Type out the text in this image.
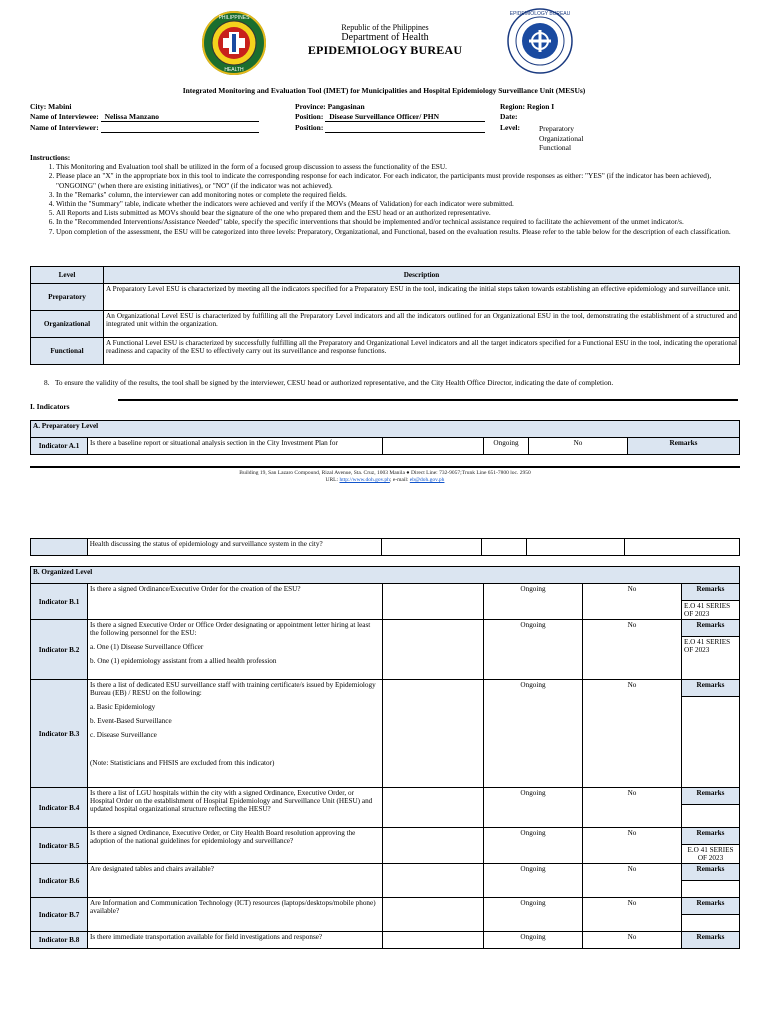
PHILIPPINES
HEALTH
Republic of the Philippines
Department of Health
EPIDEMIOLOGY BUREAU
EPIDEMIOLOGY BUREAU
Integrated Monitoring and Evaluation Tool (IMET) for Municipalities and Hospital Epidemiology Surveillance Unit (MESUs)
City: Mabini	Province: Pangasinan	Region: Region I
Name of Interviewee: Nelissa Manzano	Position: Disease Surveillance Officer/ PHN	Date:
Name of Interviewer:	Position:	Level:	Preparatory
Organizational
Functional
Instructions:
1. This Monitoring and Evaluation tool shall be utilized in the form of a focused group discussion to assess the functionality of the ESU.
2. Please place an "X" in the appropriate box in this tool to indicate the corresponding response for each indicator. For each indicator, the participants must provide responses as either: "YES" (if the indicator has been achieved), "ONGOING" (when there are existing initiatives), or "NO" (if the indicator was not achieved).
3. In the "Remarks" column, the interviewer can add monitoring notes or complete the required fields.
4. Within the "Summary" table, indicate whether the indicators were achieved and verify if the MOVs (Means of Validation) for each indicator were submitted.
5. All Reports and Lists submitted as MOVs should bear the signature of the one who prepared them and the ESU head or an authorized representative.
6. In the "Recommended Interventions/Assistance Needed" table, specify the specific interventions that should be implemented and/or technical assistance required to facilitate the achievement of the unmet indicator/s.
7. Upon completion of the assessment, the ESU will be categorized into three levels: Preparatory, Organizational, and Functional, based on the evaluation results. Please refer to the table below for the description of each classification.
Level	Description
Preparatory	A Preparatory Level ESU is characterized by meeting all the indicators specified for a Preparatory ESU in the tool, indicating the initial steps taken towards establishing an effective epidemiology and surveillance unit.
Organizational	An Organizational Level ESU is characterized by fulfilling all the Preparatory Level indicators and all the indicators outlined for an Organizational ESU in the tool, demonstrating the establishment of a structured and integrated unit within the organization.
Functional	A Functional Level ESU is characterized by successfully fulfilling all the Preparatory and Organizational Level indicators and all the target indicators specified for a Functional ESU in the tool, indicating the operational readiness and capacity of the ESU to effectively carry out its surveillance and response functions.
8.   To ensure the validity of the results, the tool shall be signed by the interviewer, CESU head or authorized representative, and the City Health Office Director, indicating the date of completion.
I. Indicators
A. Preparatory Level
Indicator A.1	Is there a baseline report or situational analysis section in the City Investment Plan for		Ongoing	No	Remarks
Building 19, San Lazaro Compound, Rizal Avenue, Sta. Cruz, 1003 Manila ● Direct Line: 732-9057;Trunk Line 651-7800 loc. 2950
URL: http://www.doh.gov.ph; e-mail: eb@doh.gov.ph
	Health discussing the status of epidemiology and surveillance system in the city?				
B. Organized Level					
Indicator B.1	Is there a signed Ordinance/Executive Order for the creation of the ESU?		Ongoing	No	Remarks
					E.O 41 SERIES OF 2023
Indicator B.2	Is there a signed Executive Order or Office Order designating or appointment letter hiring at least the following personnel for the ESU:

a. One (1) Disease Surveillance Officer

b. One (1) epidemiology assistant from a allied health profession		Ongoing	No	Remarks
					E.O 41 SERIES OF 2023
Indicator B.3	Is there a list of dedicated ESU surveillance staff with training certificate/s issued by Epidemiology Bureau (EB) / RESU on the following:

a. Basic Epidemiology

b. Event-Based Surveillance

c. Disease Surveillance

(Note: Statisticians and FHSIS are excluded from this indicator)		Ongoing	No	Remarks

Indicator B.4	Is there a list of LGU hospitals within the city with a signed Ordinance, Executive Order, or Hospital Order on the establishment of Hospital Epidemiology and Surveillance Unit (HESU) and updated hospital organizational structure reflecting the HESU?		Ongoing	No	Remarks

Indicator B.5	Is there a signed Ordinance, Executive Order, or City Health Board resolution approving the adoption of the national guidelines for epidemiology and surveillance?		Ongoing	No	Remarks
					E.O 41 SERIES OF 2023
Indicator B.6	Are designated tables and chairs available?		Ongoing	No	Remarks

Indicator B.7	Are Information and Communication Technology (ICT) resources (laptops/desktops/mobile phone) available?		Ongoing	No	Remarks

Indicator B.8	Is there immediate transportation available for field investigations and response?		Ongoing	No	Remarks
